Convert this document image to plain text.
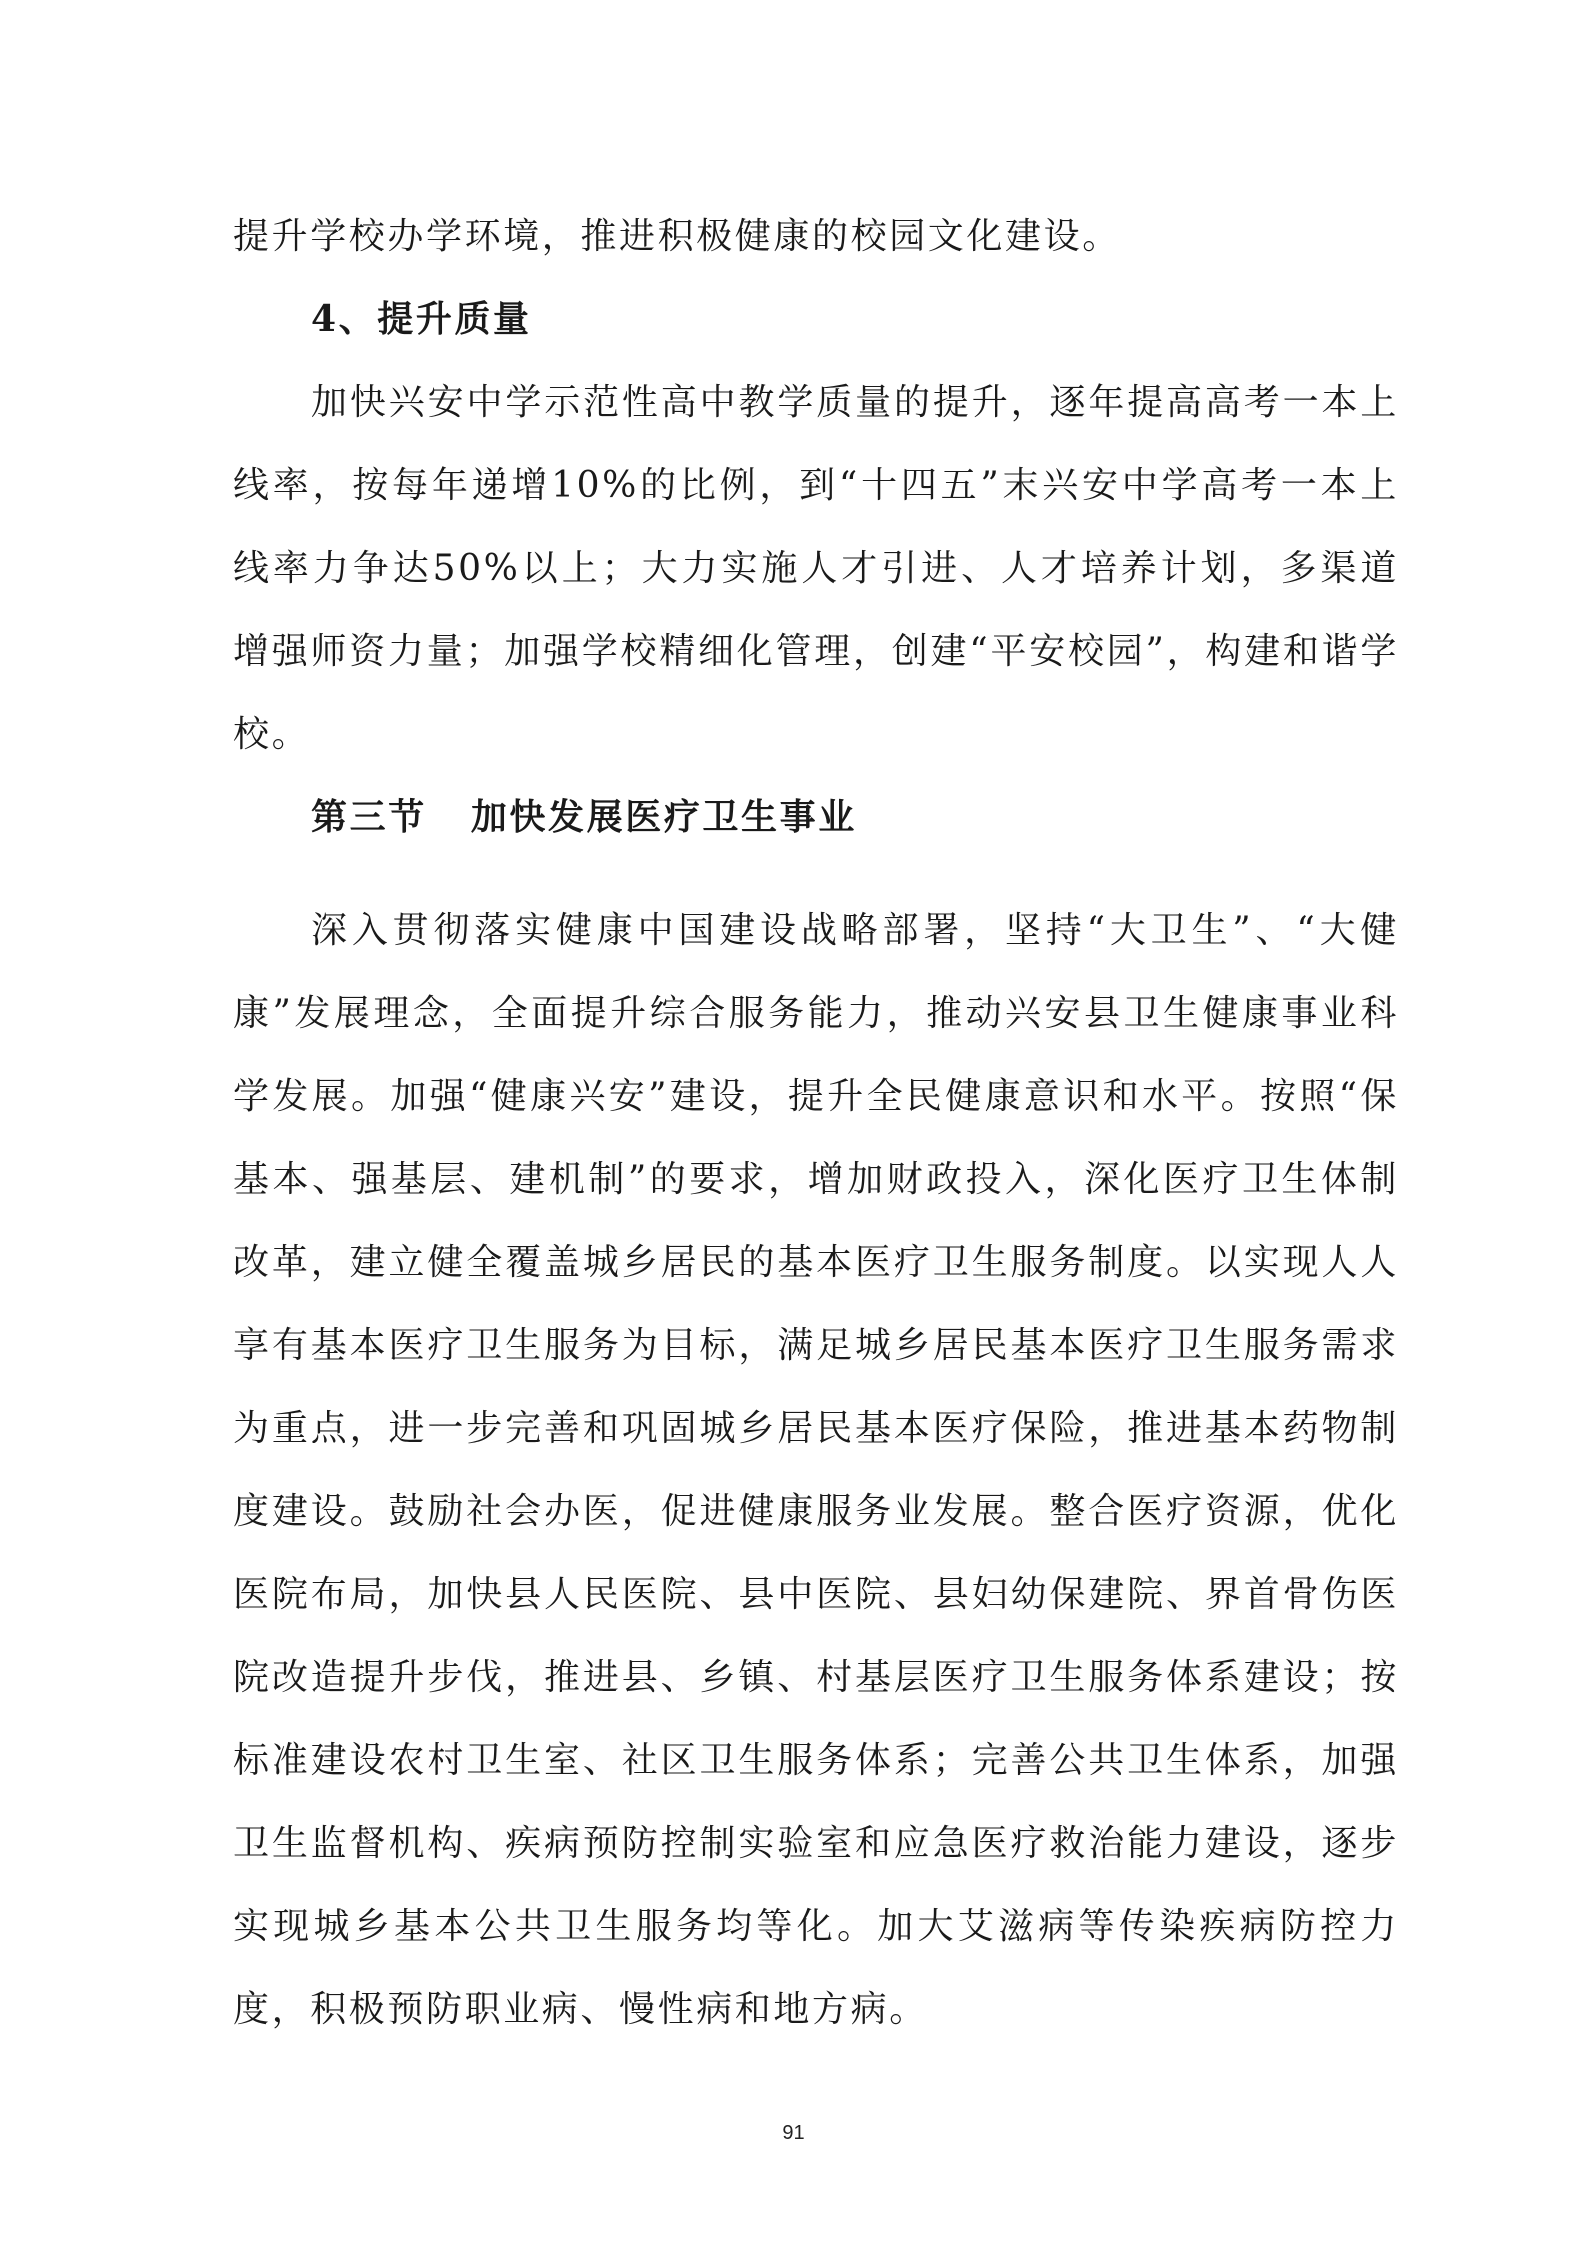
提升学校办学环境，推进积极健康的校园文化建设。

4、提升质量

加快兴安中学示范性高中教学质量的提升，逐年提高高考一本上线率，按每年递增10%的比例，到“十四五”末兴安中学高考一本上线率力争达50%以上；大力实施人才引进、人才培养计划，多渠道增强师资力量；加强学校精细化管理，创建“平安校园”，构建和谐学校。

第三节 加快发展医疗卫生事业

深入贯彻落实健康中国建设战略部署，坚持“大卫生”、“大健康”发展理念，全面提升综合服务能力，推动兴安县卫生健康事业科学发展。加强“健康兴安”建设，提升全民健康意识和水平。按照“保基本、强基层、建机制”的要求，增加财政投入，深化医疗卫生体制改革，建立健全覆盖城乡居民的基本医疗卫生服务制度。以实现人人享有基本医疗卫生服务为目标，满足城乡居民基本医疗卫生服务需求为重点，进一步完善和巩固城乡居民基本医疗保险，推进基本药物制度建设。鼓励社会办医，促进健康服务业发展。整合医疗资源，优化医院布局，加快县人民医院、县中医院、县妇幼保建院、界首骨伤医院改造提升步伐，推进县、乡镇、村基层医疗卫生服务体系建设；按标准建设农村卫生室、社区卫生服务体系；完善公共卫生体系，加强卫生监督机构、疾病预防控制实验室和应急医疗救治能力建设，逐步实现城乡基本公共卫生服务均等化。加大艾滋病等传染疾病防控力度，积极预防职业病、慢性病和地方病。

91
